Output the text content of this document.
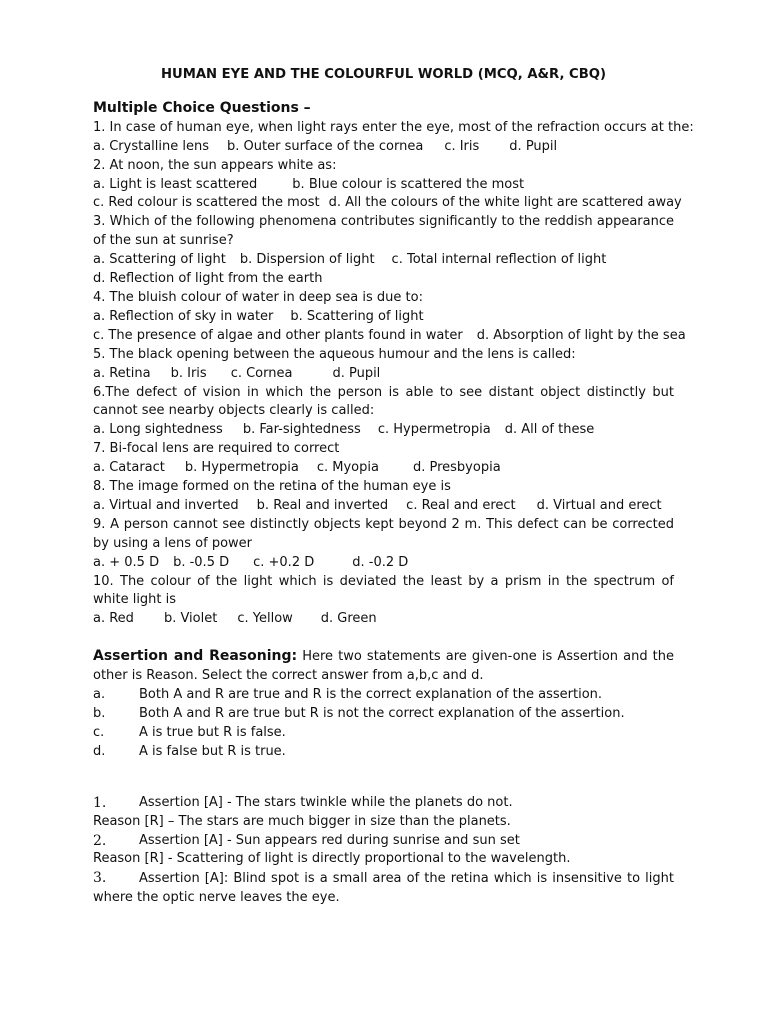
HUMAN EYE AND THE COLOURFUL WORLD (MCQ, A&R, CBQ)
Multiple Choice Questions –
1. In case of human eye, when light rays enter the eye, most of the refraction occurs at the:
a. Crystalline lens b. Outer surface of the cornea c. Iris d. Pupil
2. At noon, the sun appears white as:
a. Light is least scattered	b. Blue colour is scattered the most
c. Red colour is scattered the most d. All the colours of the white light are scattered away
3. Which of the following phenomena contributes significantly to the reddish appearance of the sun at sunrise?
a. Scattering of light b. Dispersion of light c. Total internal reflection of light
d. Reflection of light from the earth
4. The bluish colour of water in deep sea is due to:
a. Reflection of sky in water b. Scattering of light
c. The presence of algae and other plants found in water d. Absorption of light by the sea
5. The black opening between the aqueous humour and the lens is called:
a. Retina b. Iris c. Cornea	d. Pupil
6.The defect of vision in which the person is able to see distant object distinctly but cannot see nearby objects clearly is called:
a. Long sightedness b. Far-sightedness c. Hypermetropia d. All of these
7. Bi-focal lens are required to correct
a. Cataract b. Hypermetropia c. Myopia	d. Presbyopia
8. The image formed on the retina of the human eye is
a. Virtual and inverted b. Real and inverted c. Real and erect d. Virtual and erect
9. A person cannot see distinctly objects kept beyond 2 m. This defect can be corrected by using a lens of power
a. + 0.5 D b. -0.5 D c. +0.2 D	d. -0.2 D
10. The colour of the light which is deviated the least by a prism in the spectrum of white light is
a. Red b. Violet c. Yellow d. Green
Assertion and Reasoning: Here two statements are given-one is Assertion and the other is Reason. Select the correct answer from a,b,c and d.
a.	Both A and R are true and R is the correct explanation of the assertion.
b.	Both A and R are true but R is not the correct explanation of the assertion.
c.	A is true but R is false.
d.	A is false but R is true.
1.	Assertion [A] - The stars twinkle while the planets do not.
Reason [R] – The stars are much bigger in size than the planets.
2.	Assertion [A] - Sun appears red during sunrise and sun set
Reason [R] - Scattering of light is directly proportional to the wavelength.
3.	Assertion [A]: Blind spot is a small area of the retina which is insensitive to light where the optic nerve leaves the eye.
